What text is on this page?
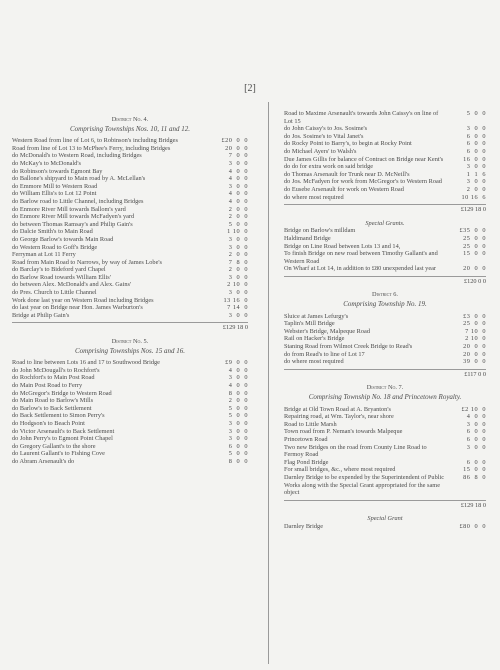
[2]
District No. 4.
Comprising Townships Nos. 10, 11 and 12.
Western Road from line of Lot 6, to Robinson's including Bridges	£20  0  0
Road from line of Lot 13 to McPhee's Ferry, including Bridges	20  0  0
do McDonald's to Western Road, including Bridges	7  0  0
do McKay's to McDonald's	3  0  0
do Robinson's towards Egmont Bay	4  0  0
do Ballone's shipyard to Main road by A. McLellan's	4  0  0
do Emmore Mill to Western Road	3  0  0
do William Ellis's to Lot 12 Point	4  0  0
do Barlow road to Little Channel, including Bridges	4  0  0
do Enmore River Mill towards Ballom's yard	2  0  0
do Enmore River Mill towards McFadyen's yard	2  0  0
do between Thomas Ramsay's and Philip Gain's	5  0  0
do Dalcie Smith's to Main Road	1 10  0
do George Barlow's towards Main Road	3  0  0
do Western Road to Goff's Bridge	3  0  0
Ferryman at Lot 11 Ferry	2  0  0
Road from Main Road to Narrows, by way of James Lobe's	7  8  0
do Barclay's to Bideford yard Chapel	2  0  0
do Barlow Road towards William Ellis'	3  0  0
do between Alex. McDonald's and Alex. Gains'	2 10  0
do Pres. Church to Little Channel	3  0  0
Work done last year on Western Road including Bridges	13 16  0
do last year on Bridge near Hon. James Warburton's	7 14  0
Bridge at Philip Gain's	3  0  0
£129 18 0
District No. 5.
Comprising Townships Nos. 15 and 16.
Road to line between Lots 16 and 17 to Southwood Bridge	£9  0  0
do John McDougall's to Rochfort's	4  0  0
do Rochfort's to Main Post Road	3  0  0
do Main Post Road to Ferry	4  0  0
do McGregor's Bridge to Western Road	8  0  0
do Main Road to Barlow's Mills	2  0  0
do Barlow's to Back Settlement	5  0  0
do Back Settlement to Simon Perry's	5  0  0
do Hodgson's to Beach Point	3  0  0
do Victor Arsenault's to Back Settlement	3  0  0
do John Perry's to Egmont Point Chapel	3  0  0
do Gregory Gallant's to the shore	6  0  0
do Laurent Gallant's to Fishing Cove	5  0  0
do Abram Arsenault's do	8  0  0
Road to Maxime Arsenault's towards John Caissy's on line of Lot 15
5  0  0
do John Caissy's to Jos. Sosime's	3  0  0
do Jos. Sosime's to Vital Janet's	6  0  0
do Rocky Point to Barry's, to begin at Rocky Point	6  0  0
do Michael Ayers' to Walsh's	6  0  0
Due James Gillis for balance of Contract on Bridge near Kent's	16  0  0
do do for extra work on said bridge	3  0  0
do Thomas Arsenault for Trunk near D. McNeill's	1  1  6
do Jos. McFadyen for work from McGregor's to Western Road	3  0  0
do Eusebe Arsenault for work on Western Road	2  0  0
do where most required	10 16  6
£129 18 0
Special Grants.
Bridge on Barlow's milldam	£35  0  0
Haldimand Bridge	25  0  0
Bridge on Line Road between Lots 13 and 14,	25  0  0
To finish Bridge on new road between Timothy Gallant's and Western Road
15  0  0
On Wharf at Lot 14, in addition to £80 unexpended last year	20  0  0
£120 0 0
District 6.
Comprising Township No. 19.
Sluice at James Lefurgy's	£3  0  0
Taplin's Mill Bridge	25  0  0
Webster's Bridge, Malpeque Road	7 10  0
Rail on Hacker's Bridge	2 10  0
Staning Road from Wilmot Creek Bridge to Read's	20  0  0
do from Read's to line of Lot 17	20  0  0
do where most required	39  0  0
£117 0 0
District No. 7.
Comprising Township No. 18 and Princetown Royalty.
Bridge at Old Town Road at A. Bryanton's	£2 10  0
Repairing road, at Wm. Taylor's, near shore	4  0  0
Road to Little Marsh	3  0  0
Town road from P. Neman's towards Malpeque	6  0  0
Princetown Road	6  0  0
Two new Bridges on the road from County Line Road to Fermoy Road
3  0  0
Flag Pond Bridge	6  0  0
For small bridges, &c., where most required	15  0  0
Darnley Bridge to be expended by the Superintendent of Public Works along with the Special Grant appropriated for the same object
86  8  0
£129 18 0
Special Grant
Darnley Bridge	£80  0  0
